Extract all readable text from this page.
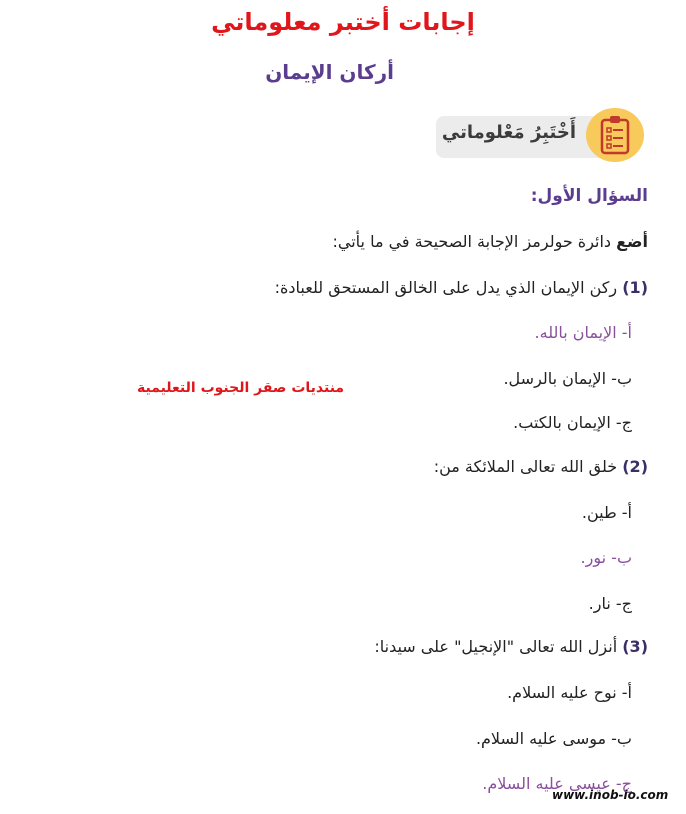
إجابات أختبر معلوماتي
أركان الإيمان
أَخْتَبِرُ مَعْلوماتي
السؤال الأول:
أضع دائرة حولرمز الإجابة الصحيحة في ما يأتي:
(1) ركن الإيمان الذي يدل على الخالق المستحق للعبادة:
أ- الإيمان بالله.
ب- الإيمان بالرسل.
ج- الإيمان بالكتب.
(2) خلق الله تعالى الملائكة من:
أ- طين.
ب- نور.
ج- نار.
(3) أنزل الله تعالى "الإنجيل" على سيدنا:
أ- نوح عليه السلام.
ب- موسى عليه السلام.
ج- عيسى عليه السلام.
منتديات صقر الجنوب التعليمية
www.inob-io.com
